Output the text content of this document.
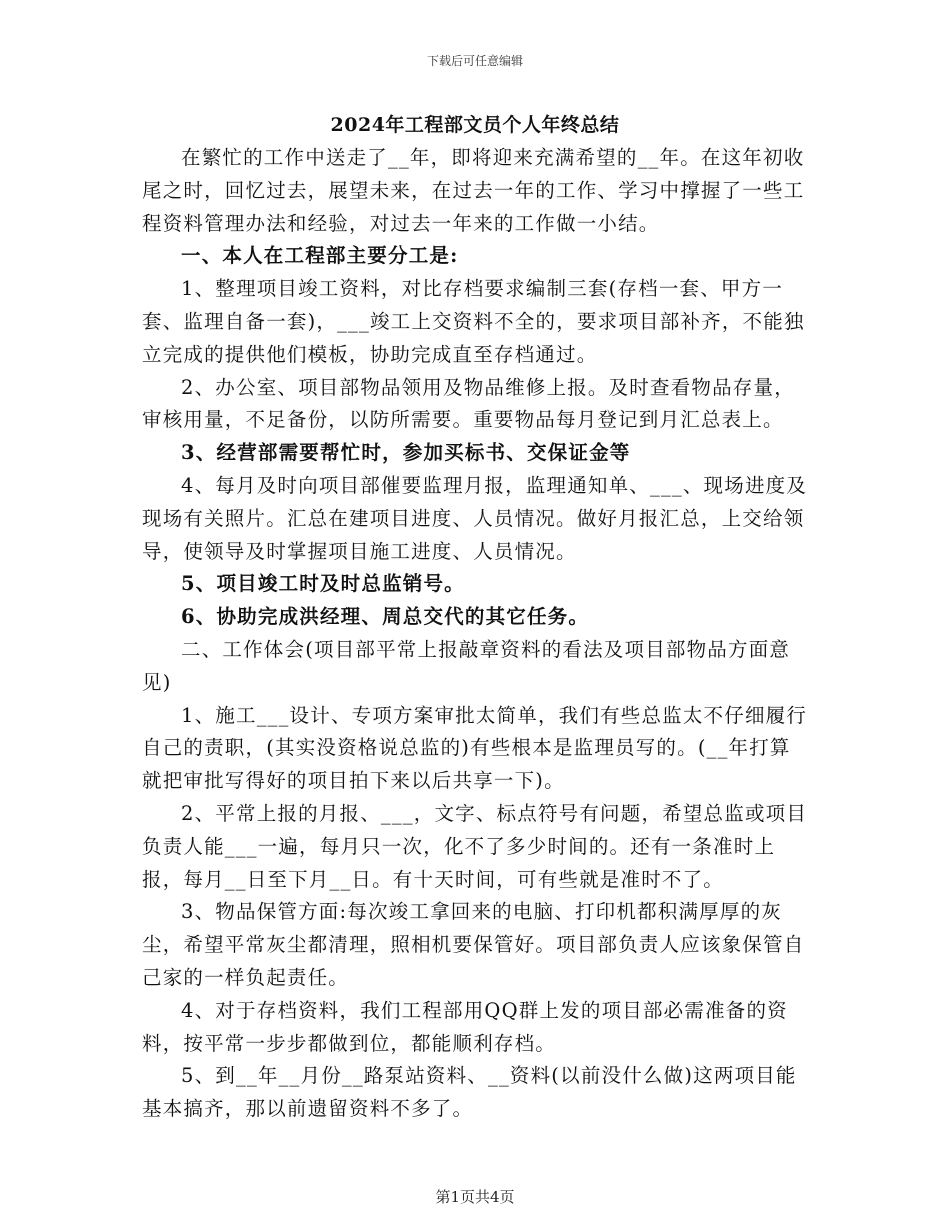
下载后可任意编辑
2024年工程部文员个人年终总结

在繁忙的工作中送走了__年，即将迎来充满希望的__年。在这年初收尾之时，回忆过去，展望未来，在过去一年的工作、学习中撑握了一些工程资料管理办法和经验，对过去一年来的工作做一小结。

一、本人在工程部主要分工是:

1、整理项目竣工资料，对比存档要求编制三套(存档一套、甲方一套、监理自备一套)，___竣工上交资料不全的，要求项目部补齐，不能独立完成的提供他们模板，协助完成直至存档通过。

2、办公室、项目部物品领用及物品维修上报。及时查看物品存量，审核用量，不足备份，以防所需要。重要物品每月登记到月汇总表上。

3、经营部需要帮忙时，参加买标书、交保证金等

4、每月及时向项目部催要监理月报，监理通知单、___、现场进度及现场有关照片。汇总在建项目进度、人员情况。做好月报汇总，上交给领导，使领导及时掌握项目施工进度、人员情况。

5、项目竣工时及时总监销号。

6、协助完成洪经理、周总交代的其它任务。

二、工作体会(项目部平常上报敲章资料的看法及项目部物品方面意见)

1、施工___设计、专项方案审批太简单，我们有些总监太不仔细履行自己的责职，(其实没资格说总监的)有些根本是监理员写的。(__年打算就把审批写得好的项目拍下来以后共享一下)。

2、平常上报的月报、___，文字、标点符号有问题，希望总监或项目负责人能___一遍，每月只一次，化不了多少时间的。还有一条准时上报，每月__日至下月__日。有十天时间，可有些就是准时不了。

3、物品保管方面:每次竣工拿回来的电脑、打印机都积满厚厚的灰尘，希望平常灰尘都清理，照相机要保管好。项目部负责人应该象保管自己家的一样负起责任。

4、对于存档资料，我们工程部用QQ群上发的项目部必需准备的资料，按平常一步步都做到位，都能顺利存档。

5、到__年__月份__路泵站资料、__资料(以前没什么做)这两项目能基本搞齐，那以前遗留资料不多了。

第1页共4页
